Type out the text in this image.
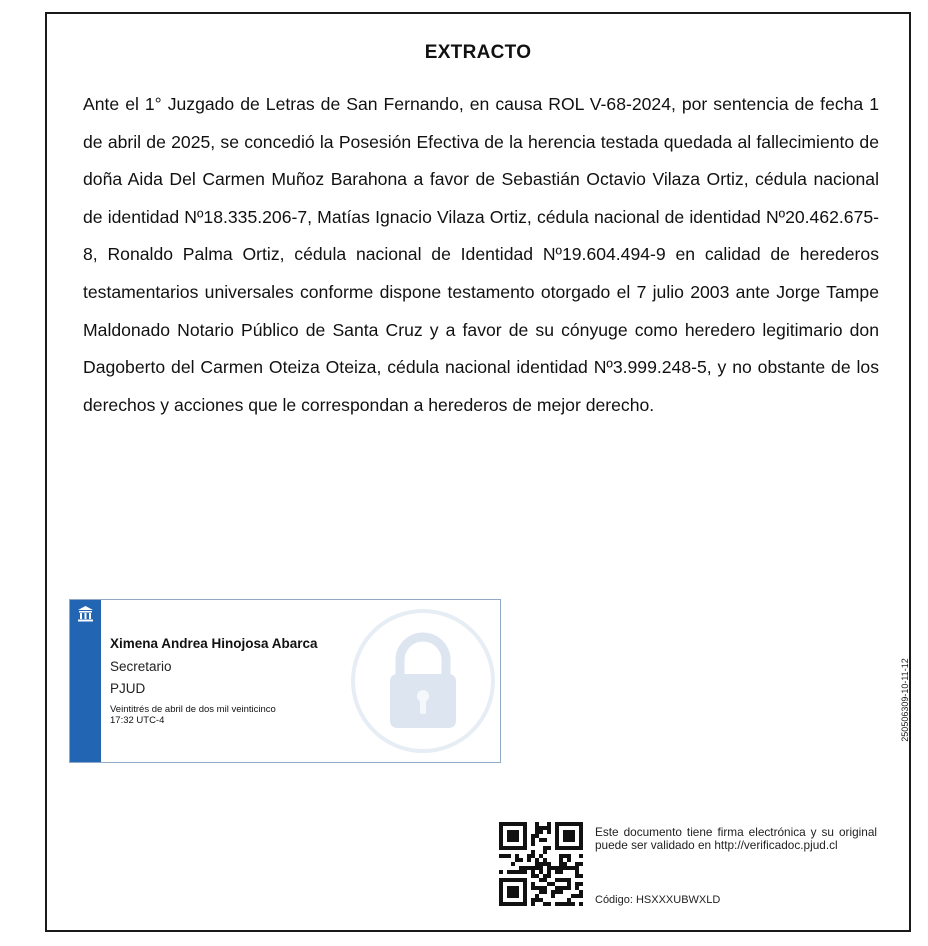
EXTRACTO
Ante el 1° Juzgado de Letras de San Fernando, en causa ROL V-68-2024, por sentencia de fecha 1 de abril de 2025, se concedió la Posesión Efectiva de la herencia testada quedada al fallecimiento de doña Aida Del Carmen Muñoz Barahona a favor de Sebastián Octavio Vilaza Ortiz, cédula nacional de identidad Nº18.335.206-7, Matías Ignacio Vilaza Ortiz, cédula nacional de identidad Nº20.462.675-8, Ronaldo Palma Ortiz, cédula nacional de Identidad Nº19.604.494-9 en calidad de herederos testamentarios universales conforme dispone testamento otorgado el 7 julio 2003 ante Jorge Tampe Maldonado Notario Público de Santa Cruz y a favor de su cónyuge como heredero legitimario don Dagoberto del Carmen Oteiza Oteiza, cédula nacional identidad Nº3.999.248-5, y no obstante de los derechos y acciones que le correspondan a herederos de mejor derecho.
Ximena Andrea Hinojosa Abarca
Secretario
PJUD
Veintitrés de abril de dos mil veinticinco
17:32 UTC-4
Este documento tiene firma electrónica y su original puede ser validado en http://verificadoc.pjud.cl
Código: HSXXXUBWXLD
250506309-10-11-12
